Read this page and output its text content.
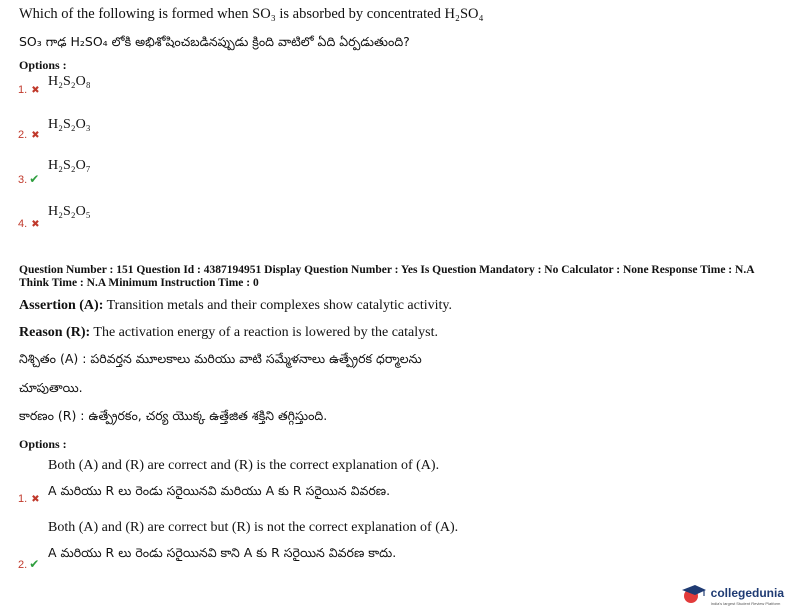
Which of the following is formed when SO₃ is absorbed by concentrated H₂SO₄
SO₃ గాఢ H₂SO₄ లోకి అభిశోషించబడినప్పుడు క్రింది వాటిలో ఏది ఏర్పడుతుంది?
Options :
1. ✖
H₂S₂O₈
2. ✖
H₂S₂O₃
3. ✔
H₂S₂O₇
4. ✖
H₂S₂O₅
Question Number : 151 Question Id : 4387194951 Display Question Number : Yes Is Question Mandatory : No Calculator : None Response Time : N.A Think Time : N.A Minimum Instruction Time : 0
Assertion (A): Transition metals and their complexes show catalytic activity.
Reason (R): The activation energy of a reaction is lowered by the catalyst.
నిశ్చితం (A) : పరివర్తన మూలకాలు మరియు వాటి సమ్మేళనాలు ఉత్ప్రేరక ధర్మాలను
చూపుతాయి.
కారణం (R) : ఉత్ప్రేరకం, చర్య యొక్క ఉత్తేజిత శక్తిని తగ్గిస్తుంది.
Options :
Both (A) and (R) are correct and (R) is the correct explanation of (A).
1. ✖
A మరియు R లు రెండు సరైయినవి మరియు A కు R సరైయిన వివరణ.
Both (A) and (R) are correct but (R) is not the correct explanation of (A).
2. ✔
A మరియు R లు రెండు సరైయినవి కాని A కు R సరైయిన వివరణ కాదు.
collegedunia
India's largest Student Review Platform
